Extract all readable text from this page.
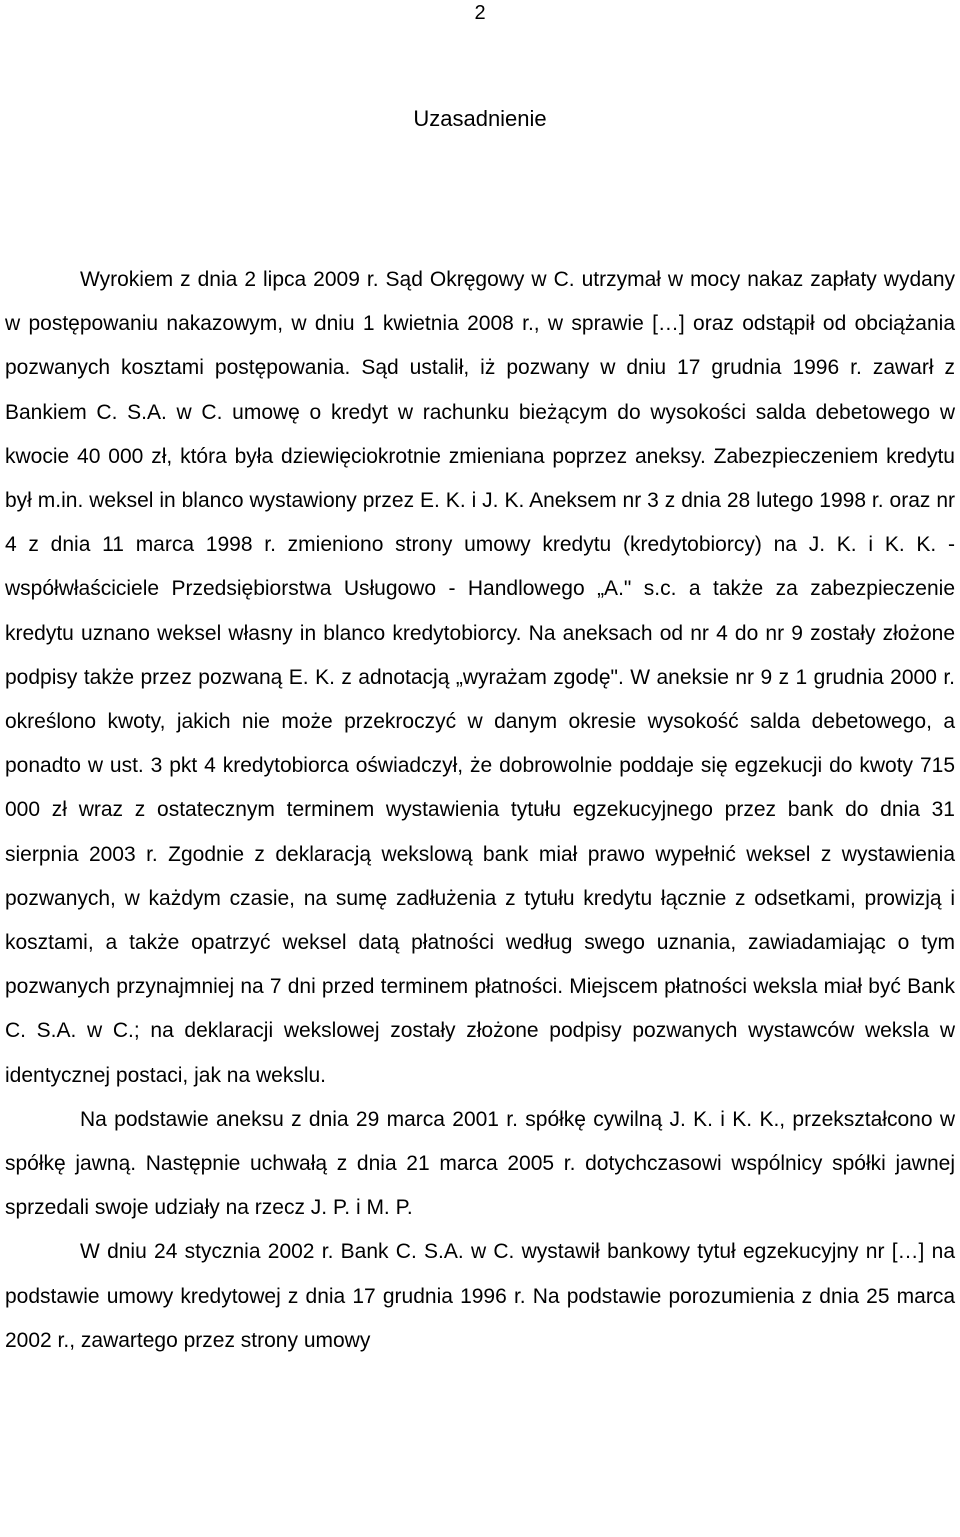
2
Uzasadnienie

Wyrokiem z dnia 2 lipca 2009 r. Sąd Okręgowy w C. utrzymał w mocy nakaz zapłaty wydany w postępowaniu nakazowym, w dniu 1 kwietnia 2008 r., w sprawie […] oraz odstąpił od obciążania pozwanych kosztami postępowania. Sąd ustalił, iż pozwany w dniu 17 grudnia 1996 r. zawarł z Bankiem C. S.A. w C. umowę o kredyt w rachunku bieżącym do wysokości salda debetowego w kwocie 40 000 zł, która była dziewięciokrotnie zmieniana poprzez aneksy. Zabezpieczeniem kredytu był m.in. weksel in blanco wystawiony przez E. K. i J. K. Aneksem nr 3 z dnia 28 lutego 1998 r. oraz nr 4 z dnia 11 marca 1998 r. zmieniono strony umowy kredytu (kredytobiorcy) na J. K. i K. K. - współwłaściciele Przedsiębiorstwa Usługowo - Handlowego „A." s.c. a także za zabezpieczenie kredytu uznano weksel własny in blanco kredytobiorcy. Na aneksach od nr 4 do nr 9 zostały złożone podpisy także przez pozwaną E. K. z adnotacją „wyrażam zgodę". W aneksie nr 9 z 1 grudnia 2000 r. określono kwoty, jakich nie może przekroczyć w danym okresie wysokość salda debetowego, a ponadto w ust. 3 pkt 4 kredytobiorca oświadczył, że dobrowolnie poddaje się egzekucji do kwoty 715 000 zł wraz z ostatecznym terminem wystawienia tytułu egzekucyjnego przez bank do dnia 31 sierpnia 2003 r. Zgodnie z deklaracją wekslową bank miał prawo wypełnić weksel z wystawienia pozwanych, w każdym czasie, na sumę zadłużenia z tytułu kredytu łącznie z odsetkami, prowizją i kosztami, a także opatrzyć weksel datą płatności według swego uznania, zawiadamiając o tym pozwanych przynajmniej na 7 dni przed terminem płatności. Miejscem płatności weksla miał być Bank C. S.A. w C.; na deklaracji wekslowej zostały złożone podpisy pozwanych wystawców weksla w identycznej postaci, jak na wekslu.

Na podstawie aneksu z dnia 29 marca 2001 r. spółkę cywilną J. K. i K. K., przekształcono w spółkę jawną. Następnie uchwałą z dnia 21 marca 2005 r. dotychczasowi wspólnicy spółki jawnej sprzedali swoje udziały na rzecz J. P. i M. P.

W dniu 24 stycznia 2002 r. Bank C. S.A. w C. wystawił bankowy tytuł egzekucyjny nr […] na podstawie umowy kredytowej z dnia 17 grudnia 1996 r. Na podstawie porozumienia z dnia 25 marca 2002 r., zawartego przez strony umowy
